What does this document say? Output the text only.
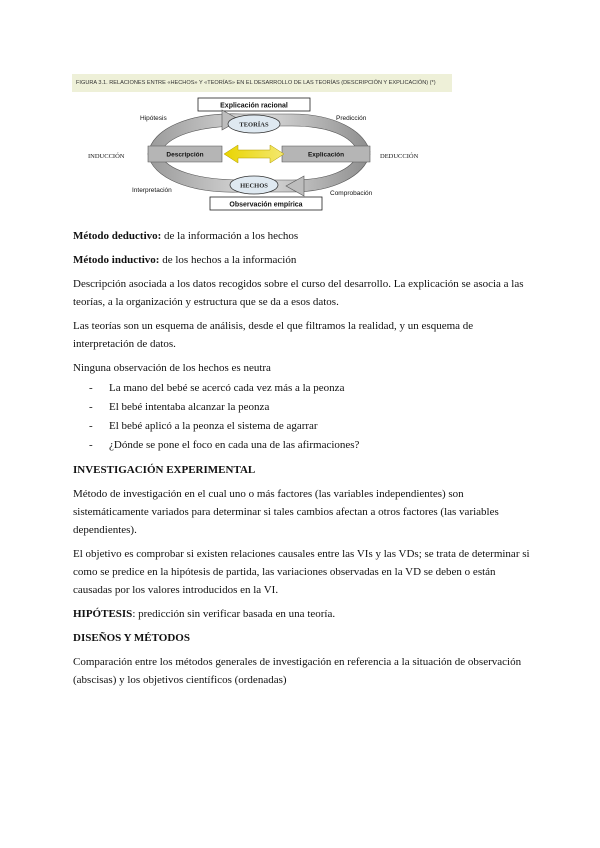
FIGURA 3.1. RELACIONES ENTRE «HECHOS» Y «TEORÍAS» EN EL DESARROLLO DE LAS TEORÍAS (DESCRIPCIÓN Y EXPLICACIÓN) (*)
Explicación racional
Observación empírica
TEORÍAS
HECHOS
Descripción	Explicación
Hipótesis	Predicción
Interpretación	Comprobación
INDUCCIÓN	DEDUCCIÓN

Método deductivo: de la información a los hechos

Método inductivo: de los hechos a la información

Descripción asociada a los datos recogidos sobre el curso del desarrollo. La explicación se asocia a las teorías, a la organización y estructura que se da a esos datos.

Las teorías son un esquema de análisis, desde el que filtramos la realidad, y un esquema de interpretación de datos.

Ninguna observación de los hechos es neutra

- La mano del bebé se acercó cada vez más a la peonza
- El bebé intentaba alcanzar la peonza
- El bebé aplicó a la peonza el sistema de agarrar
- ¿Dónde se pone el foco en cada una de las afirmaciones?

INVESTIGACIÓN EXPERIMENTAL

Método de investigación en el cual uno o más factores (las variables independientes) son sistemáticamente variados para determinar si tales cambios afectan a otros factores (las variables dependientes).

El objetivo es comprobar si existen relaciones causales entre las VIs y las VDs; se trata de determinar si como se predice en la hipótesis de partida, las variaciones observadas en la VD se deben o están causadas por los valores introducidos en la VI.

HIPÓTESIS: predicción sin verificar basada en una teoría.

DISEÑOS Y MÉTODOS

Comparación entre los métodos generales de investigación en referencia a la situación de observación (abscisas) y los objetivos científicos (ordenadas)
